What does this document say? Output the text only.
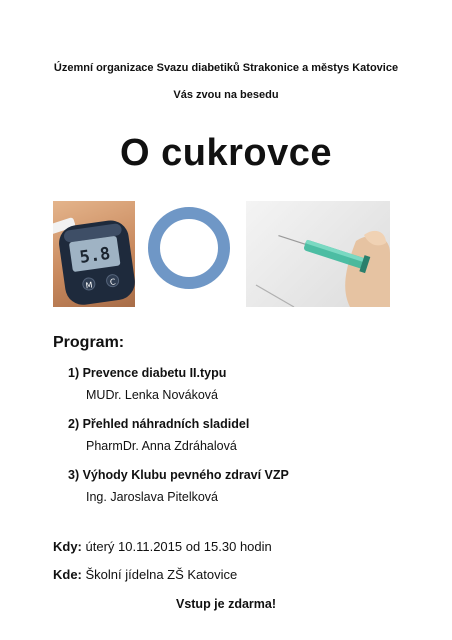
Územní organizace Svazu diabetiků Strakonice a městys Katovice
Vás zvou na besedu
O cukrovce
5.8
M C
Program:
1) Prevence diabetu II.typu
MUDr. Lenka Nováková
2) Přehled náhradních sladidel
PharmDr. Anna Zdráhalová
3) Výhody Klubu pevného zdraví VZP
Ing. Jaroslava Pitelková
Kdy: úterý 10.11.2015 od 15.30 hodin
Kde: Školní jídelna ZŠ Katovice
Vstup je zdarma!
